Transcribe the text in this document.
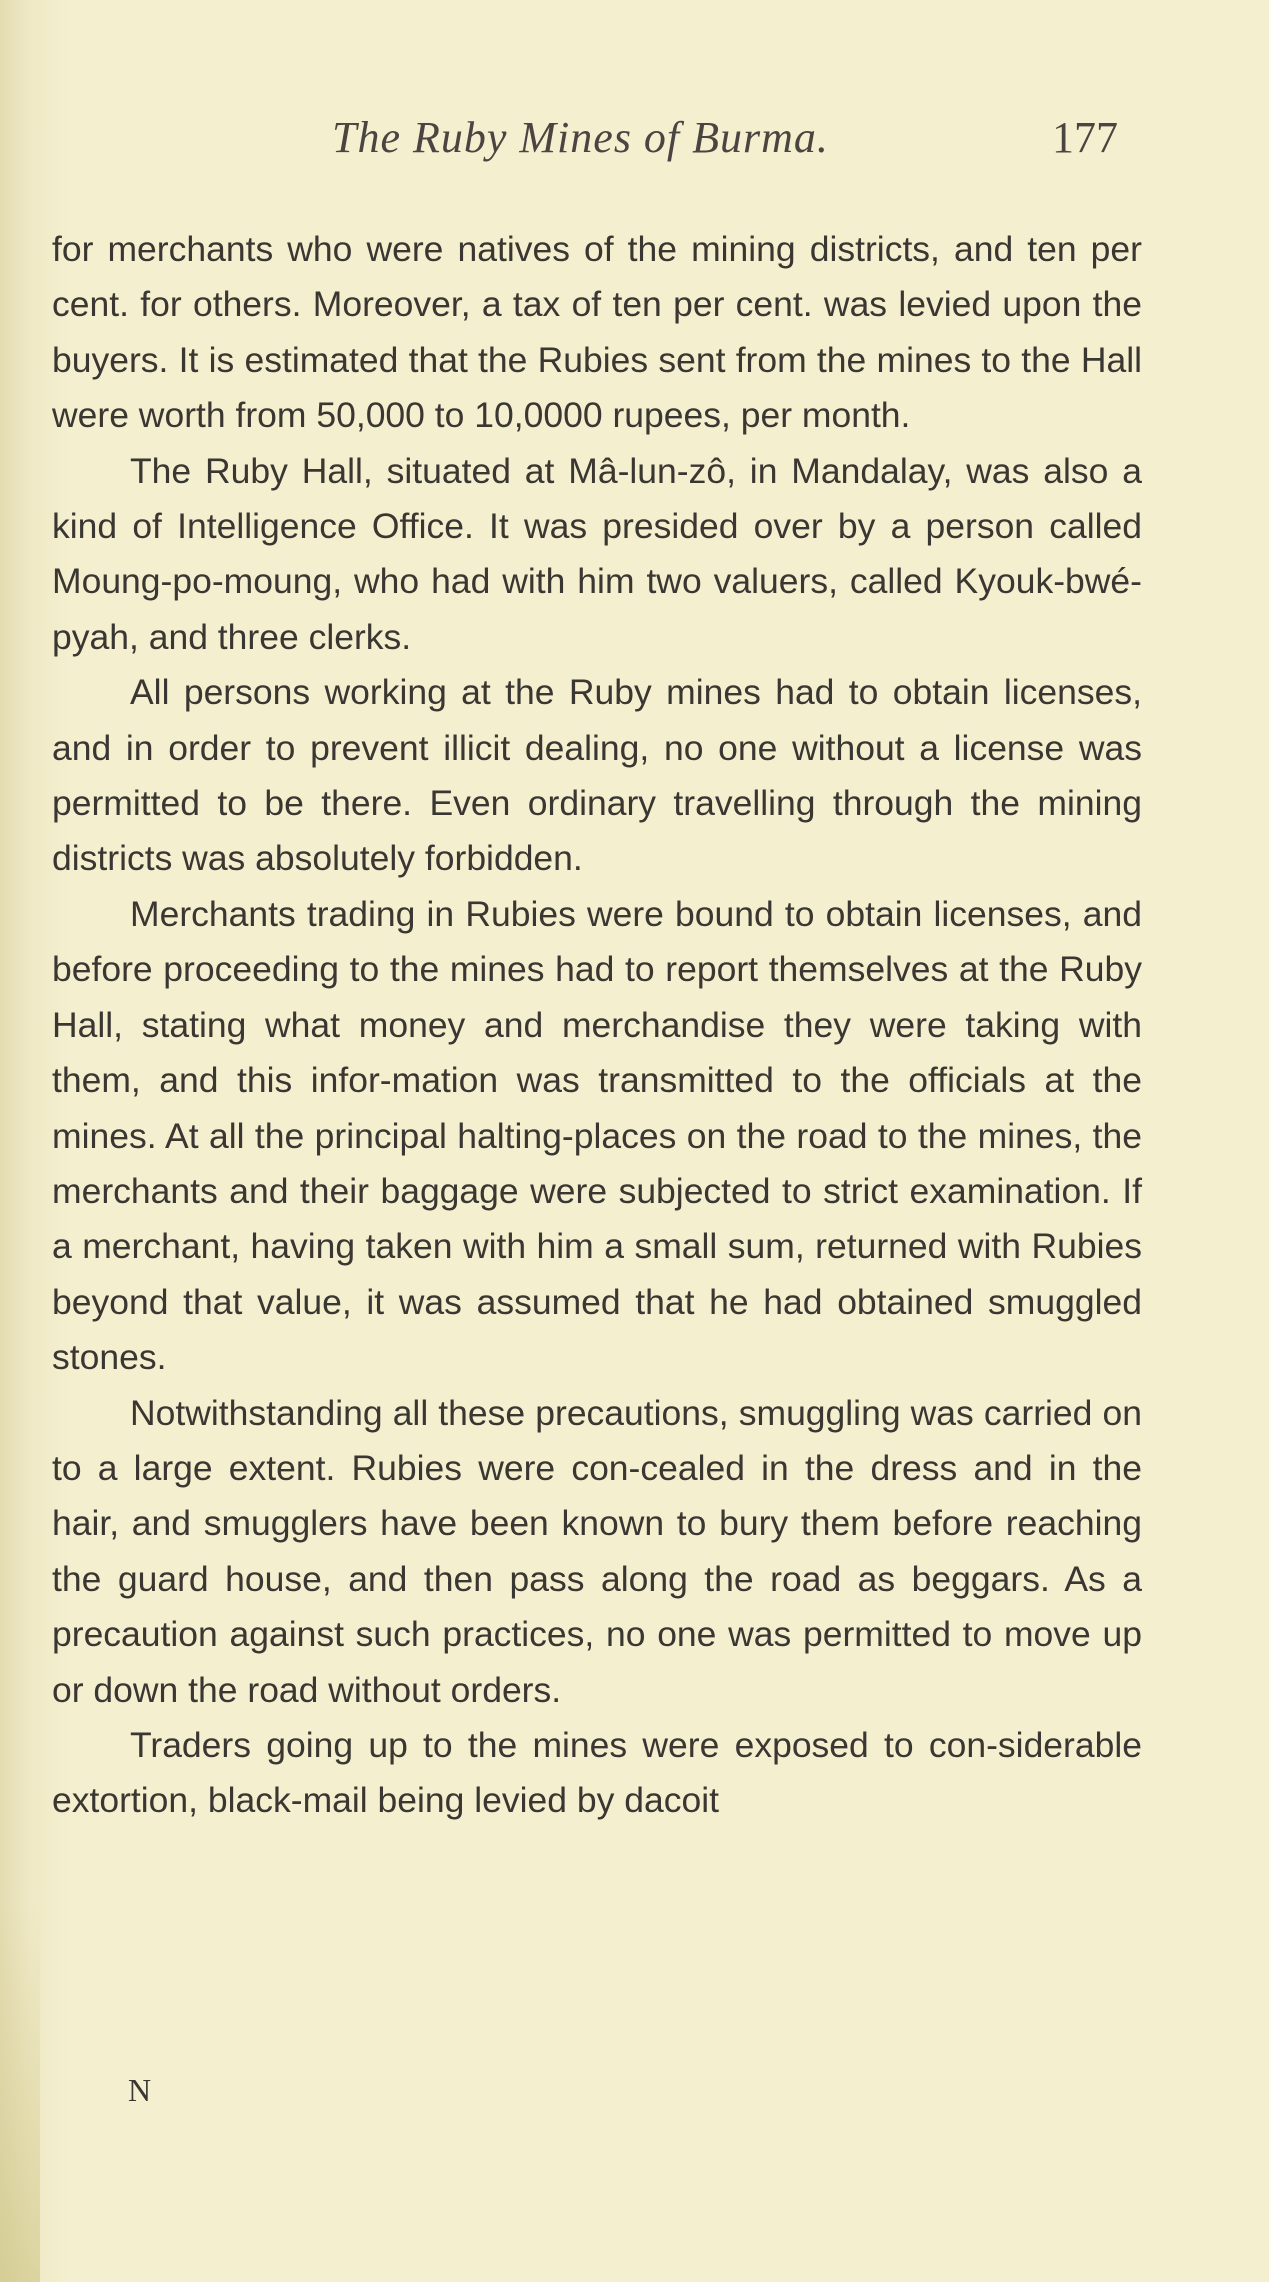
The Ruby Mines of Burma.	177

for merchants who were natives of the mining districts, and ten per cent. for others. Moreover, a tax of ten per cent. was levied upon the buyers. It is estimated that the Rubies sent from the mines to the Hall were worth from 50,000 to 10,0000 rupees, per month.

The Ruby Hall, situated at Mâ-lun-zô, in Mandalay, was also a kind of Intelligence Office. It was presided over by a person called Moung-po-moung, who had with him two valuers, called Kyouk-bwé-pyah, and three clerks.

All persons working at the Ruby mines had to obtain licenses, and in order to prevent illicit dealing, no one without a license was permitted to be there. Even ordinary travelling through the mining districts was absolutely forbidden.

Merchants trading in Rubies were bound to obtain licenses, and before proceeding to the mines had to report themselves at the Ruby Hall, stating what money and merchandise they were taking with them, and this infor-mation was transmitted to the officials at the mines. At all the principal halting-places on the road to the mines, the merchants and their baggage were subjected to strict examination. If a merchant, having taken with him a small sum, returned with Rubies beyond that value, it was assumed that he had obtained smuggled stones.

Notwithstanding all these precautions, smuggling was carried on to a large extent. Rubies were con-cealed in the dress and in the hair, and smugglers have been known to bury them before reaching the guard house, and then pass along the road as beggars. As a precaution against such practices, no one was permitted to move up or down the road without orders.

Traders going up to the mines were exposed to con-siderable extortion, black-mail being levied by dacoit

N
